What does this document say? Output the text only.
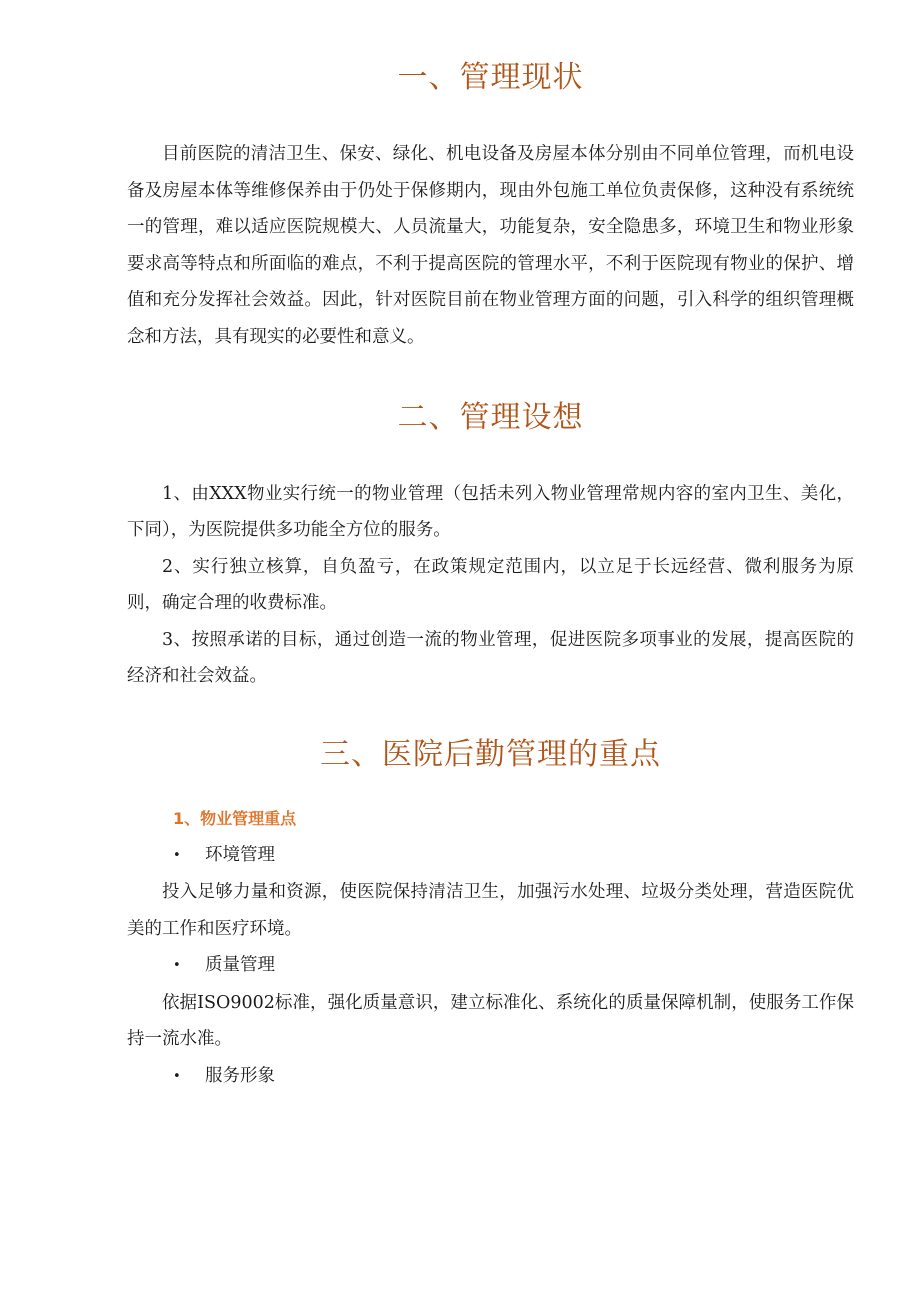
一、管理现状

目前医院的清洁卫生、保安、绿化、机电设备及房屋本体分别由不同单位管理，而机电设备及房屋本体等维修保养由于仍处于保修期内，现由外包施工单位负责保修，这种没有系统统一的管理，难以适应医院规模大、人员流量大，功能复杂，安全隐患多，环境卫生和物业形象要求高等特点和所面临的难点，不利于提高医院的管理水平，不利于医院现有物业的保护、增值和充分发挥社会效益。因此，针对医院目前在物业管理方面的问题，引入科学的组织管理概念和方法，具有现实的必要性和意义。

二、管理设想

1、由XXX物业实行统一的物业管理（包括未列入物业管理常规内容的室内卫生、美化，下同），为医院提供多功能全方位的服务。

2、实行独立核算，自负盈亏，在政策规定范围内，以立足于长远经营、微利服务为原则，确定合理的收费标准。

3、按照承诺的目标，通过创造一流的物业管理，促进医院多项事业的发展，提高医院的经济和社会效益。

三、医院后勤管理的重点
1、物业管理重点
• 环境管理

投入足够力量和资源，使医院保持清洁卫生，加强污水处理、垃圾分类处理，营造医院优美的工作和医疗环境。

• 质量管理

依据ISO9002标准，强化质量意识，建立标准化、系统化的质量保障机制，使服务工作保持一流水准。

• 服务形象
